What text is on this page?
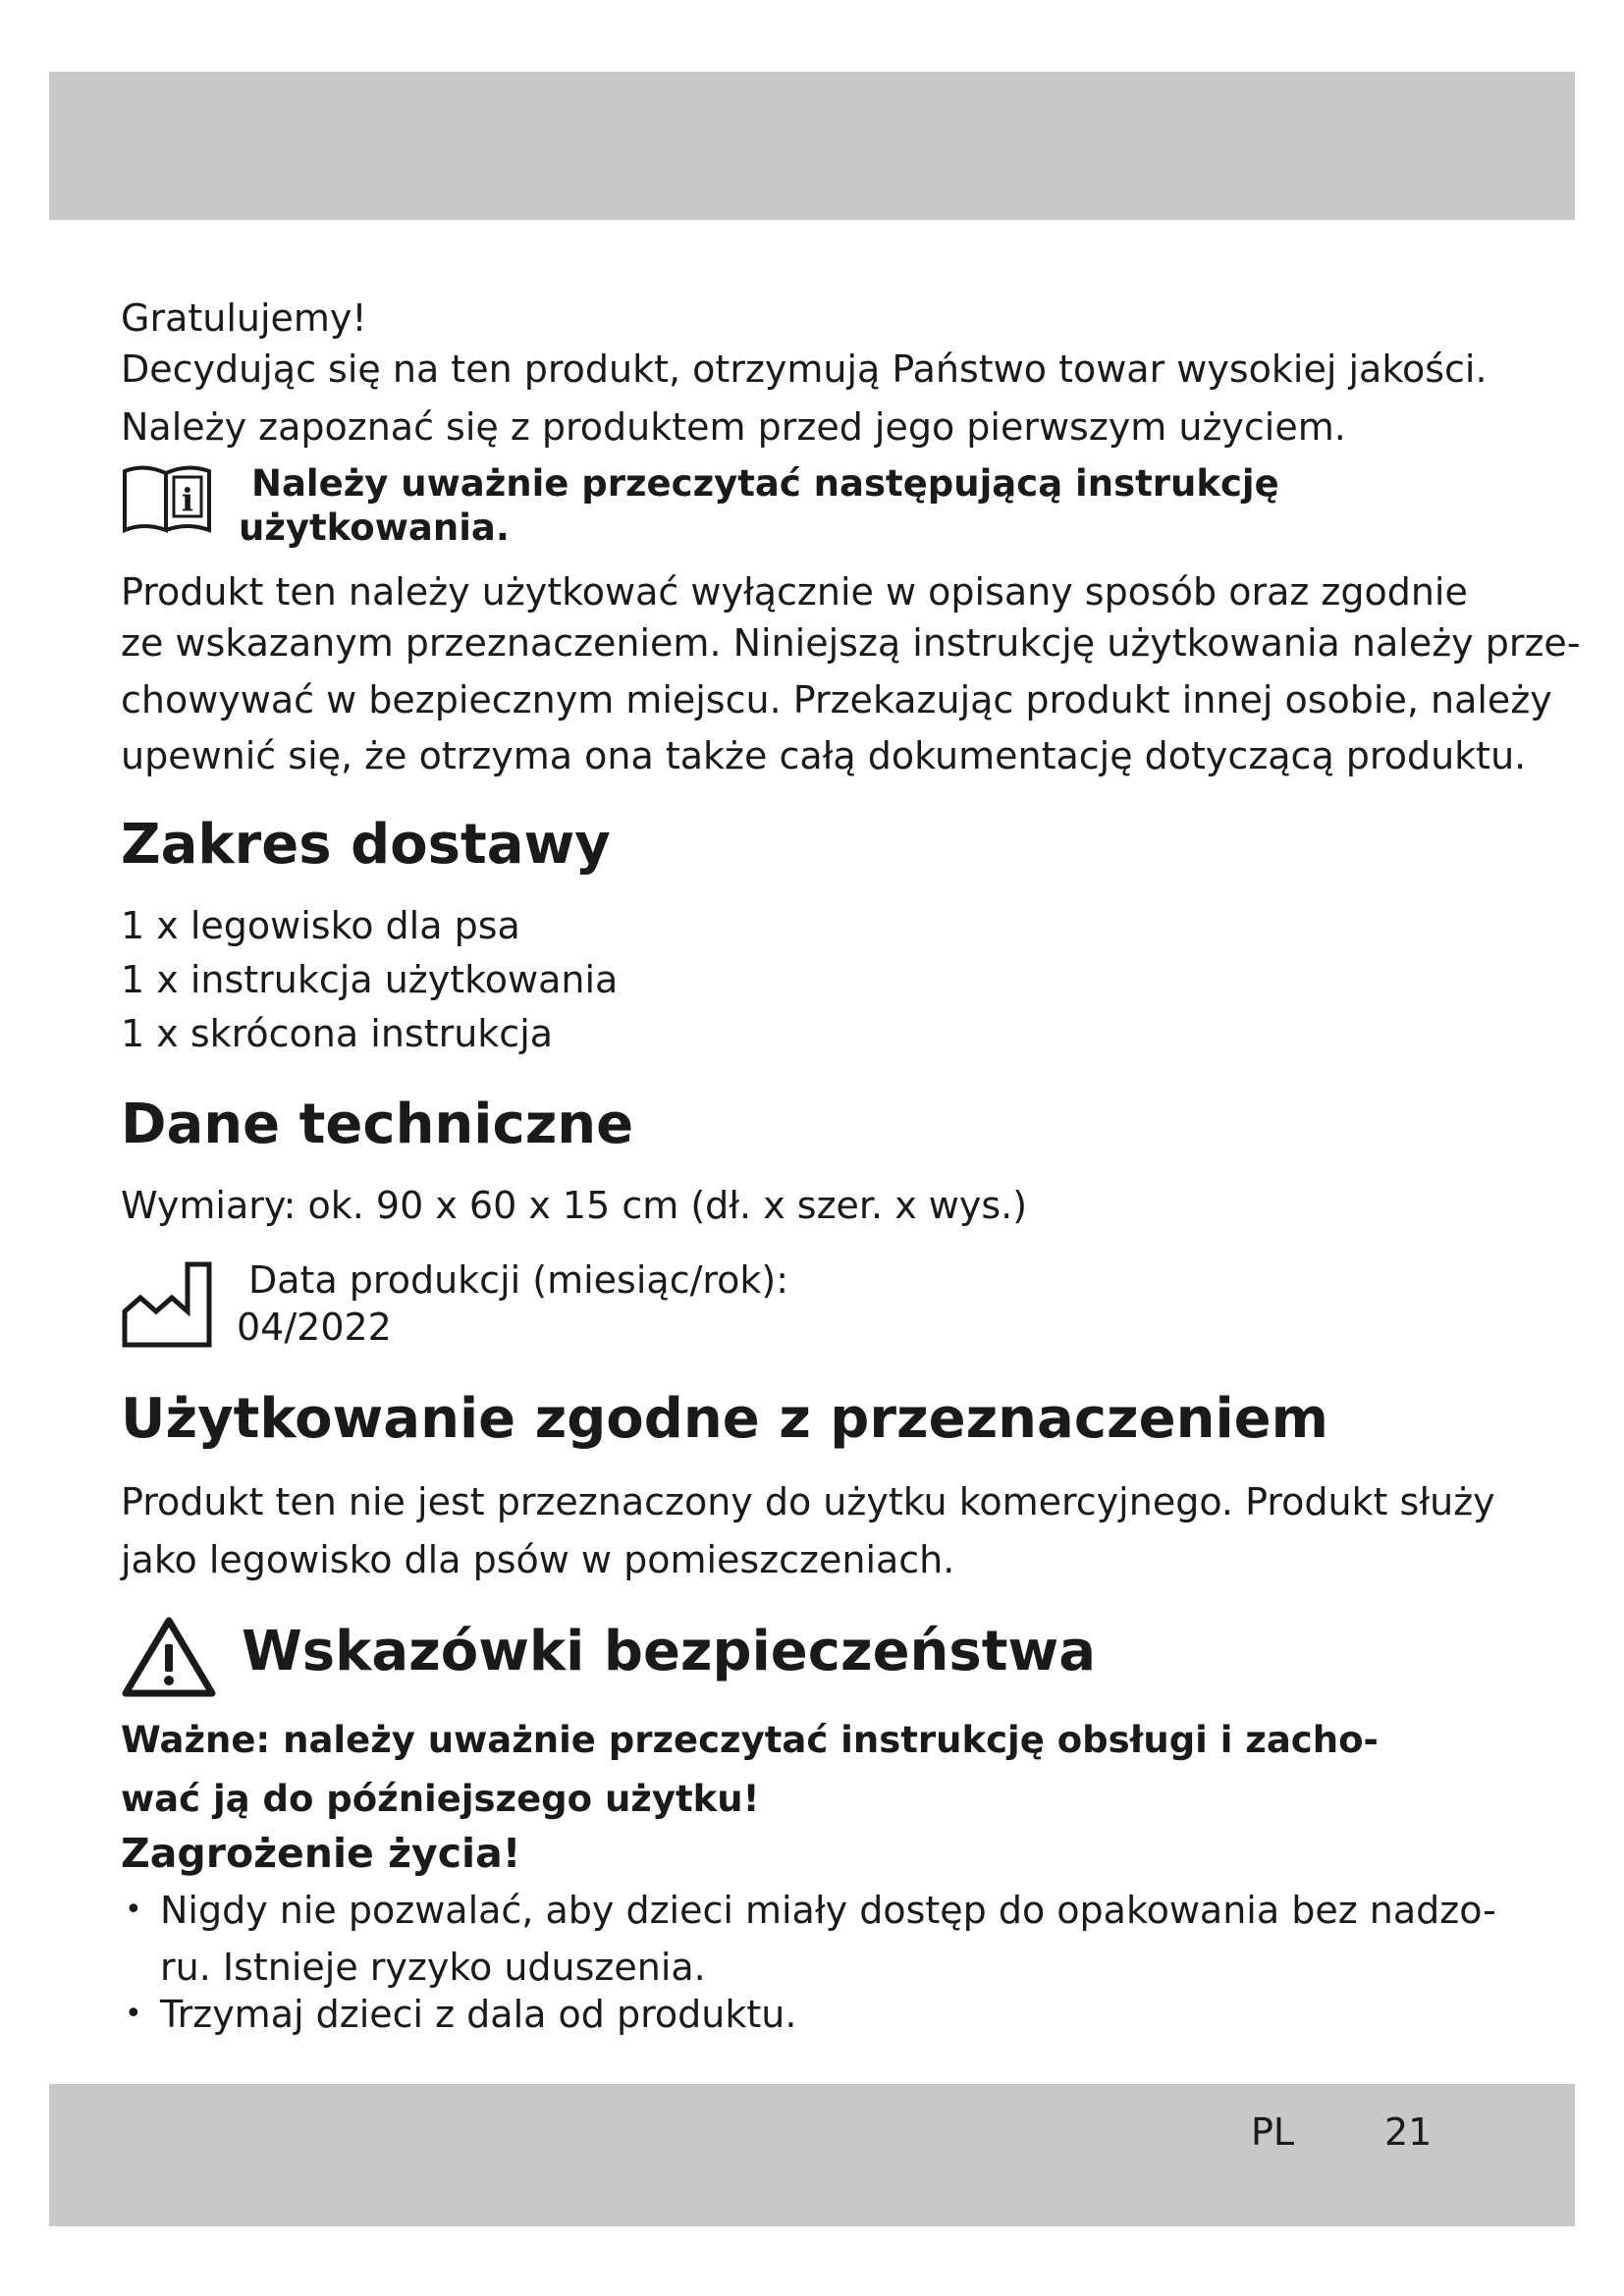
Gratulujemy!
Decydując się na ten produkt, otrzymują Państwo towar wysokiej jakości.
Należy zapoznać się z produktem przed jego pierwszym użyciem.
i Należy uważnie przeczytać następującą instrukcję
użytkowania.
Produkt ten należy użytkować wyłącznie w opisany sposób oraz zgodnie
ze wskazanym przeznaczeniem. Niniejszą instrukcję użytkowania należy prze-
chowywać w bezpiecznym miejscu. Przekazując produkt innej osobie, należy
upewnić się, że otrzyma ona także całą dokumentację dotyczącą produktu.
Zakres dostawy
1 x legowisko dla psa
1 x instrukcja użytkowania
1 x skrócona instrukcja
Dane techniczne
Wymiary: ok. 90 x 60 x 15 cm (dł. x szer. x wys.)
Data produkcji (miesiąc/rok):
04/2022
Użytkowanie zgodne z przeznaczeniem
Produkt ten nie jest przeznaczony do użytku komercyjnego. Produkt służy
jako legowisko dla psów w pomieszczeniach.
Wskazówki bezpieczeństwa
Ważne: należy uważnie przeczytać instrukcję obsługi i zacho-
wać ją do późniejszego użytku!
Zagrożenie życia!
• Nigdy nie pozwalać, aby dzieci miały dostęp do opakowania bez nadzo-
ru. Istnieje ryzyko uduszenia.
• Trzymaj dzieci z dala od produktu.
PL 21
